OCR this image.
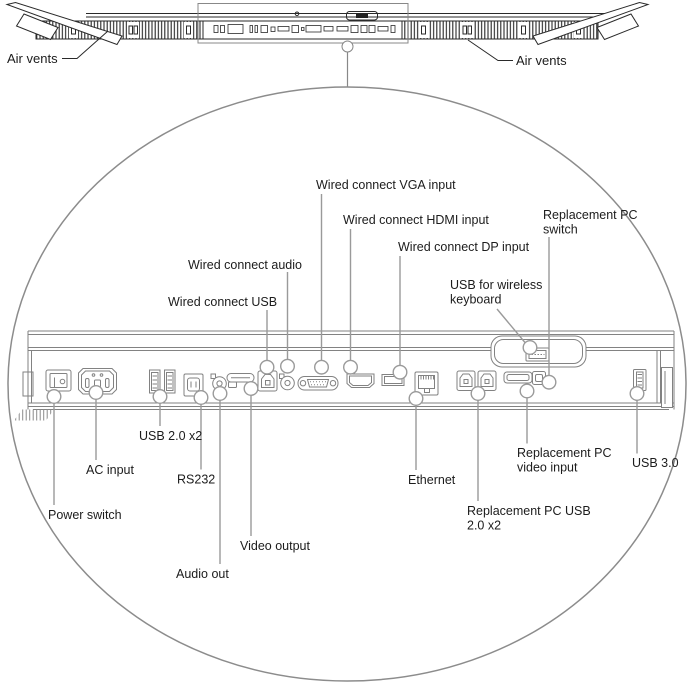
Air vents	Air vents
Wired connect VGA input
Wired connect HDMI input
Wired connect DP input
Replacement PC
switch
USB for wireless
keyboard
Wired connect audio
Wired connect USB
USB 2.0 x2
AC input
RS232
Power switch
Video output
Audio out
Ethernet
Replacement PC USB
2.0 x2
Replacement PC
video input	USB 3.0
